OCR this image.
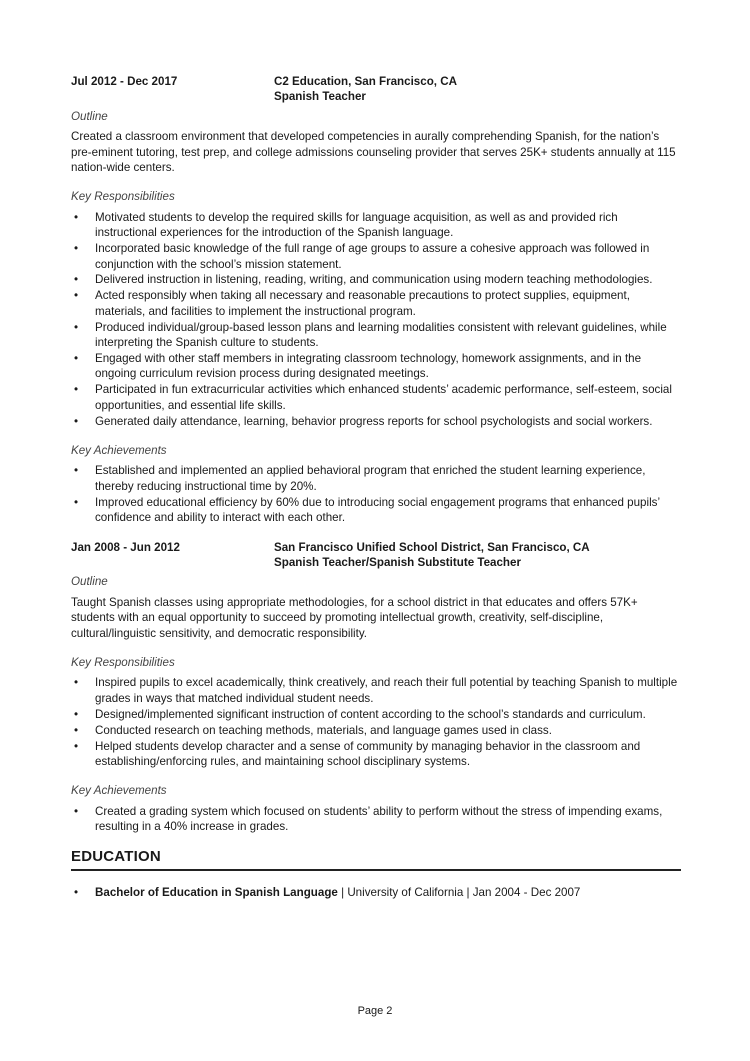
Jul 2012 - Dec 2017	C2 Education, San Francisco, CA
Spanish Teacher
Outline

Created a classroom environment that developed competencies in aurally comprehending Spanish, for the nation’s pre-eminent tutoring, test prep, and college admissions counseling provider that serves 25K+ students annually at 115 nation-wide centers.

Key Responsibilities
• Motivated students to develop the required skills for language acquisition, as well as and provided rich instructional experiences for the introduction of the Spanish language.
• Incorporated basic knowledge of the full range of age groups to assure a cohesive approach was followed in conjunction with the school’s mission statement.
• Delivered instruction in listening, reading, writing, and communication using modern teaching methodologies.
• Acted responsibly when taking all necessary and reasonable precautions to protect supplies, equipment, materials, and facilities to implement the instructional program.
• Produced individual/group-based lesson plans and learning modalities consistent with relevant guidelines, while interpreting the Spanish culture to students.
• Engaged with other staff members in integrating classroom technology, homework assignments, and in the ongoing curriculum revision process during designated meetings.
• Participated in fun extracurricular activities which enhanced students’ academic performance, self-esteem, social opportunities, and essential life skills.
• Generated daily attendance, learning, behavior progress reports for school psychologists and social workers.
Key Achievements
• Established and implemented an applied behavioral program that enriched the student learning experience, thereby reducing instructional time by 20%.
• Improved educational efficiency by 60% due to introducing social engagement programs that enhanced pupils’ confidence and ability to interact with each other.
Jan 2008 - Jun 2012	San Francisco Unified School District, San Francisco, CA
Spanish Teacher/Spanish Substitute Teacher
Outline

Taught Spanish classes using appropriate methodologies, for a school district in that educates and offers 57K+ students with an equal opportunity to succeed by promoting intellectual growth, creativity, self-discipline, cultural/linguistic sensitivity, and democratic responsibility.

Key Responsibilities
• Inspired pupils to excel academically, think creatively, and reach their full potential by teaching Spanish to multiple grades in ways that matched individual student needs.
• Designed/implemented significant instruction of content according to the school’s standards and curriculum.
• Conducted research on teaching methods, materials, and language games used in class.
• Helped students develop character and a sense of community by managing behavior in the classroom and establishing/enforcing rules, and maintaining school disciplinary systems.
Key Achievements
• Created a grading system which focused on students’ ability to perform without the stress of impending exams, resulting in a 40% increase in grades.
EDUCATION
• Bachelor of Education in Spanish Language | University of California | Jan 2004 - Dec 2007
Page 2
